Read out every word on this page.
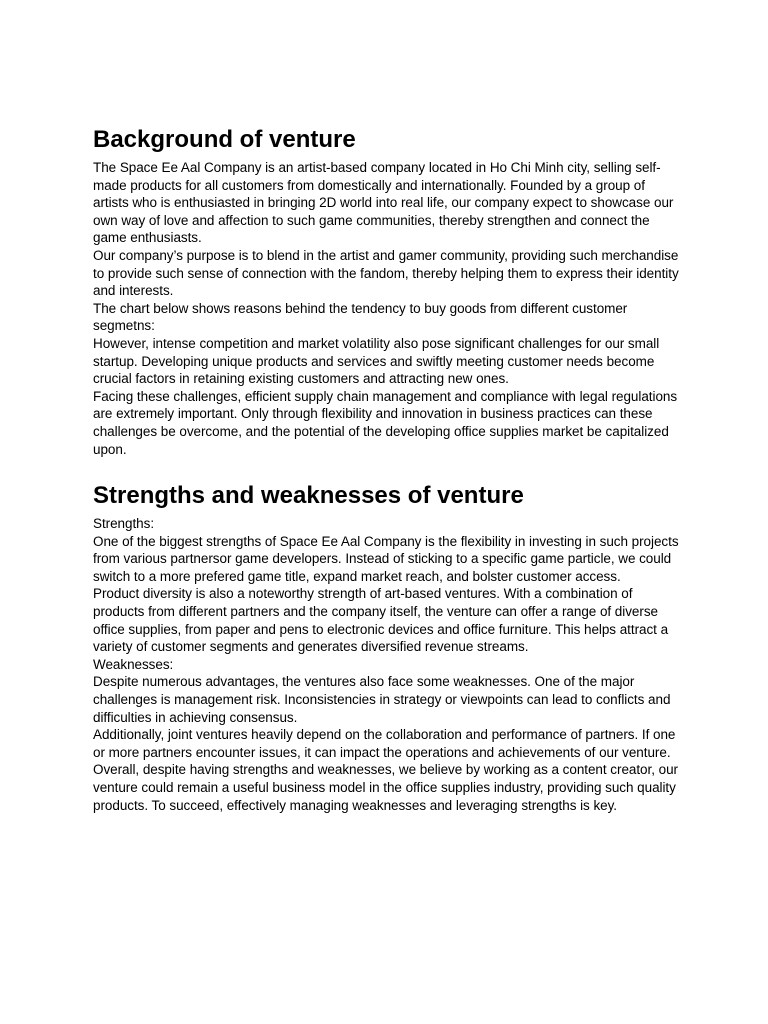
Background of venture

The Space Ee Aal Company is an artist-based company located in Ho Chi Minh city, selling self-made products for all customers from domestically and internationally. Founded by a group of artists who is enthusiasted in bringing 2D world into real life, our company expect to showcase our own way of love and affection to such game communities, thereby strengthen and connect the game enthusiasts.

Our company’s purpose is to blend in the artist and gamer community, providing such merchandise to provide such sense of connection with the fandom, thereby helping them to express their identity and interests.

The chart below shows reasons behind the tendency to buy goods from different customer segmetns:

However, intense competition and market volatility also pose significant challenges for our small startup. Developing unique products and services and swiftly meeting customer needs become crucial factors in retaining existing customers and attracting new ones.

Facing these challenges, efficient supply chain management and compliance with legal regulations are extremely important. Only through flexibility and innovation in business practices can these challenges be overcome, and the potential of the developing office supplies market be capitalized upon.

Strengths and weaknesses of venture

Strengths:

One of the biggest strengths of Space Ee Aal Company is the flexibility in investing in such projects from various partnersor game developers. Instead of sticking to a specific game particle, we could switch to a more prefered game title, expand market reach, and bolster customer access.

Product diversity is also a noteworthy strength of art-based ventures. With a combination of products from different partners and the company itself, the venture can offer a range of diverse office supplies, from paper and pens to electronic devices and office furniture. This helps attract a variety of customer segments and generates diversified revenue streams.

Weaknesses:

Despite numerous advantages, the ventures also face some weaknesses. One of the major challenges is management risk. Inconsistencies in strategy or viewpoints can lead to conflicts and difficulties in achieving consensus.

Additionally, joint ventures heavily depend on the collaboration and performance of partners. If one or more partners encounter issues, it can impact the operations and achievements of our venture.

Overall, despite having strengths and weaknesses, we believe by working as a content creator, our venture could remain a useful business model in the office supplies industry, providing such quality products. To succeed, effectively managing weaknesses and leveraging strengths is key.
